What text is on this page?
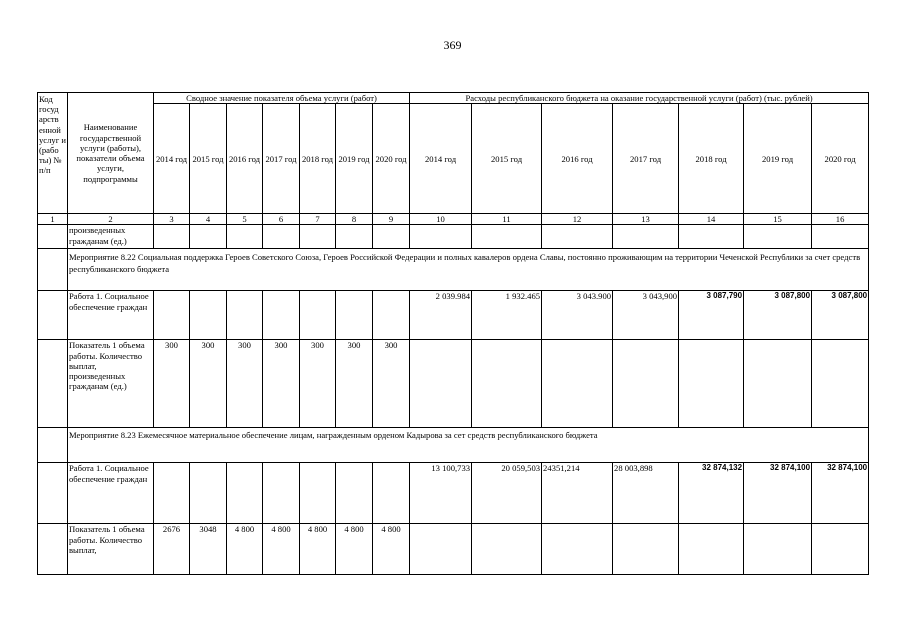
369
Код госуд арств енной услуг и (рабо ты) № п/п	Наименование государственной услуги (работы), показатели объема услуги, подпрограммы	Сводное значение показателя объема услуги (работ)							Расходы республиканского бюджета на оказание государственной услуги (работ) (тыс. рублей)						
		2014 год	2015 год	2016 год	2017 год	2018 год	2019 год	2020 год	2014 год	2015 год	2016 год	2017 год	2018 год	2019 год	2020 год
1	2	3	4	5	6	7	8	9	10	11	12	13	14	15	16
	произведенных гражданам (ед.)														
	Мероприятие 8.22 Социальная поддержка Героев Советского Союза, Героев Российской Федерации и полных кавалеров ордена Славы, постоянно проживающим на территории Чеченской Республики за счет средств республиканского бюджета														
	Работа 1. Социальное обеспечение граждан								2 039.984	1 932.465	3 043.900	3 043,900	3 087,790	3 087,800	3 087,800
	Показатель 1 объема работы. Количество выплат, произведенных гражданам (ед.)	300	300	300	300	300	300	300							
	Мероприятие 8.23 Ежемесячное материальное обеспечение лицам, награжденным орденом Кадырова за сет средств республиканского бюджета														
	Работа 1. Социальное обеспечение граждан								13 100,733	20 059,503	24351,214	28 003,898	32 874,132	32 874,100	32 874,100
	Показатель 1 объема работы. Количество выплат,	2676	3048	4 800	4 800	4 800	4 800	4 800							
